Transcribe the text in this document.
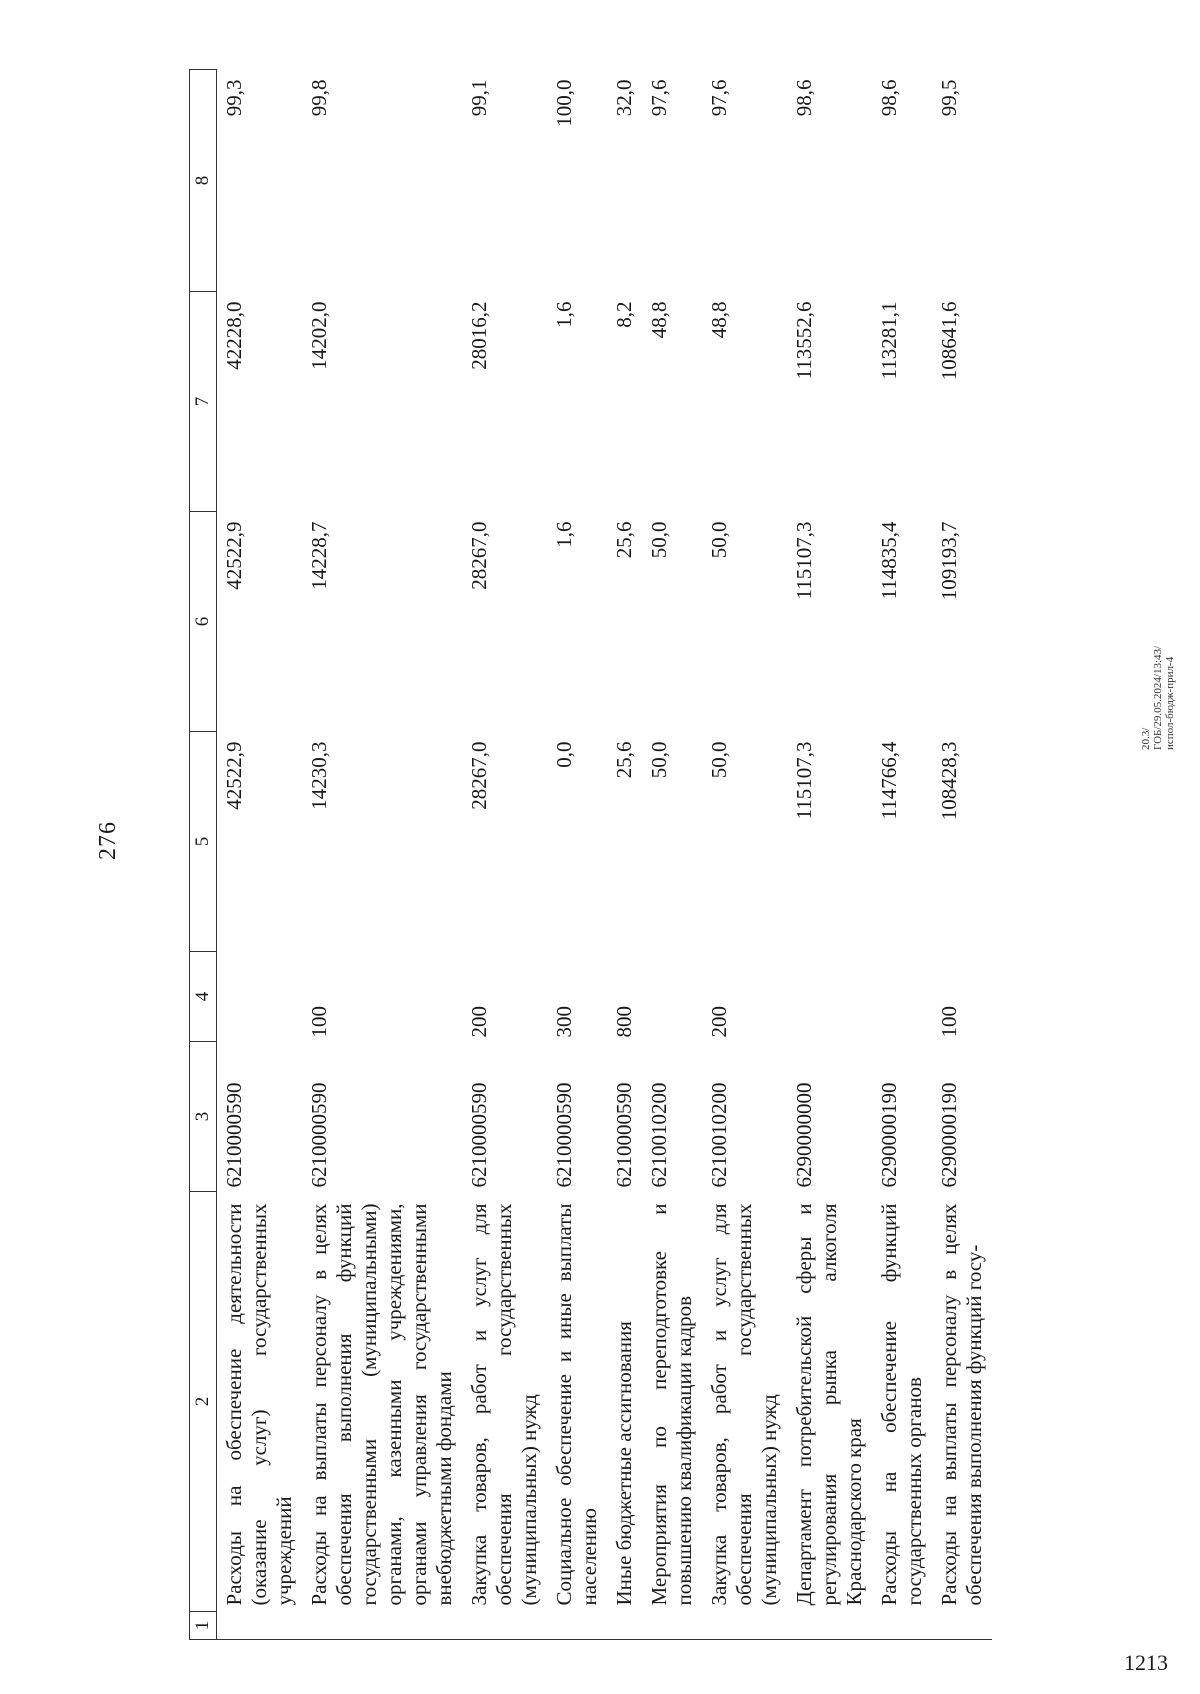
276
1	2	3	4	5	6	7	8
	Расходы на обеспечение деятельности (оказание услуг) государственных учреждений	6210000590		42522,9	42522,9	42228,0	99,3
	Расходы на выплаты персоналу в целях обеспечения выполнения функций государственными (муниципальными) органами, казенными учреждениями, органами управления государственными внебюджетными фондами	6210000590	100	14230,3	14228,7	14202,0	99,8
	Закупка товаров, работ и услуг для обеспечения государственных (муниципальных) нужд	6210000590	200	28267,0	28267,0	28016,2	99,1
	Социальное обеспечение и иные выплаты населению	6210000590	300	0,0	1,6	1,6	100,0
	Иные бюджетные ассигнования	6210000590	800	25,6	25,6	8,2	32,0
	Мероприятия по переподготовке и повышению квалификации кадров	6210010200		50,0	50,0	48,8	97,6
	Закупка товаров, работ и услуг для обеспечения государственных (муниципальных) нужд	6210010200	200	50,0	50,0	48,8	97,6
	Департамент потребительской сферы и регулирования рынка алкоголя Краснодарского края	6290000000		115107,3	115107,3	113552,6	98,6
	Расходы на обеспечение функций государственных органов	6290000190		114766,4	114835,4	113281,1	98,6
	Расходы на выплаты персоналу в целях обеспечения выполнения функций госу-	6290000190	100	108428,3	109193,7	108641,6	99,5
20.3/ГОБ/29.05.2024/13:43/испол-бюдж-прил-4
1213
